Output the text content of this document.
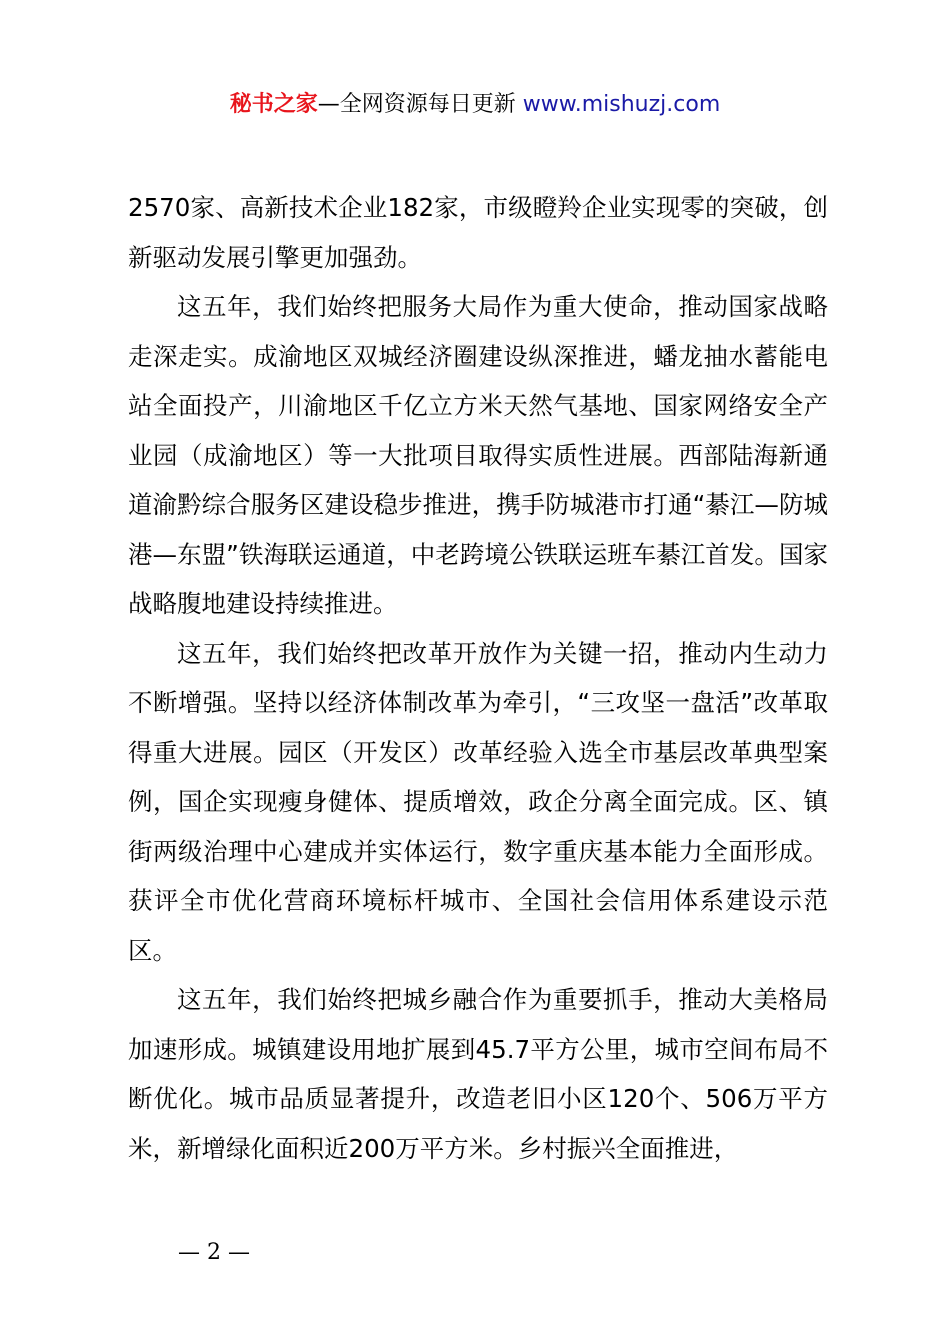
秘书之家—全网资源每日更新 www.mishuzj.com

2570家、高新技术企业182家，市级瞪羚企业实现零的突破，创新驱动发展引擎更加强劲。

这五年，我们始终把服务大局作为重大使命，推动国家战略走深走实。成渝地区双城经济圈建设纵深推进，蟠龙抽水蓄能电站全面投产，川渝地区千亿立方米天然气基地、国家网络安全产业园（成渝地区）等一大批项目取得实质性进展。西部陆海新通道渝黔综合服务区建设稳步推进，携手防城港市打通“綦江—防城港—东盟”铁海联运通道，中老跨境公铁联运班车綦江首发。国家战略腹地建设持续推进。

这五年，我们始终把改革开放作为关键一招，推动内生动力不断增强。坚持以经济体制改革为牵引，“三攻坚一盘活”改革取得重大进展。园区（开发区）改革经验入选全市基层改革典型案例，国企实现瘦身健体、提质增效，政企分离全面完成。区、镇街两级治理中心建成并实体运行，数字重庆基本能力全面形成。获评全市优化营商环境标杆城市、全国社会信用体系建设示范区。

这五年，我们始终把城乡融合作为重要抓手，推动大美格局加速形成。城镇建设用地扩展到45.7平方公里，城市空间布局不断优化。城市品质显著提升，改造老旧小区120个、506万平方米，新增绿化面积近200万平方米。乡村振兴全面推进，

— 2 —
